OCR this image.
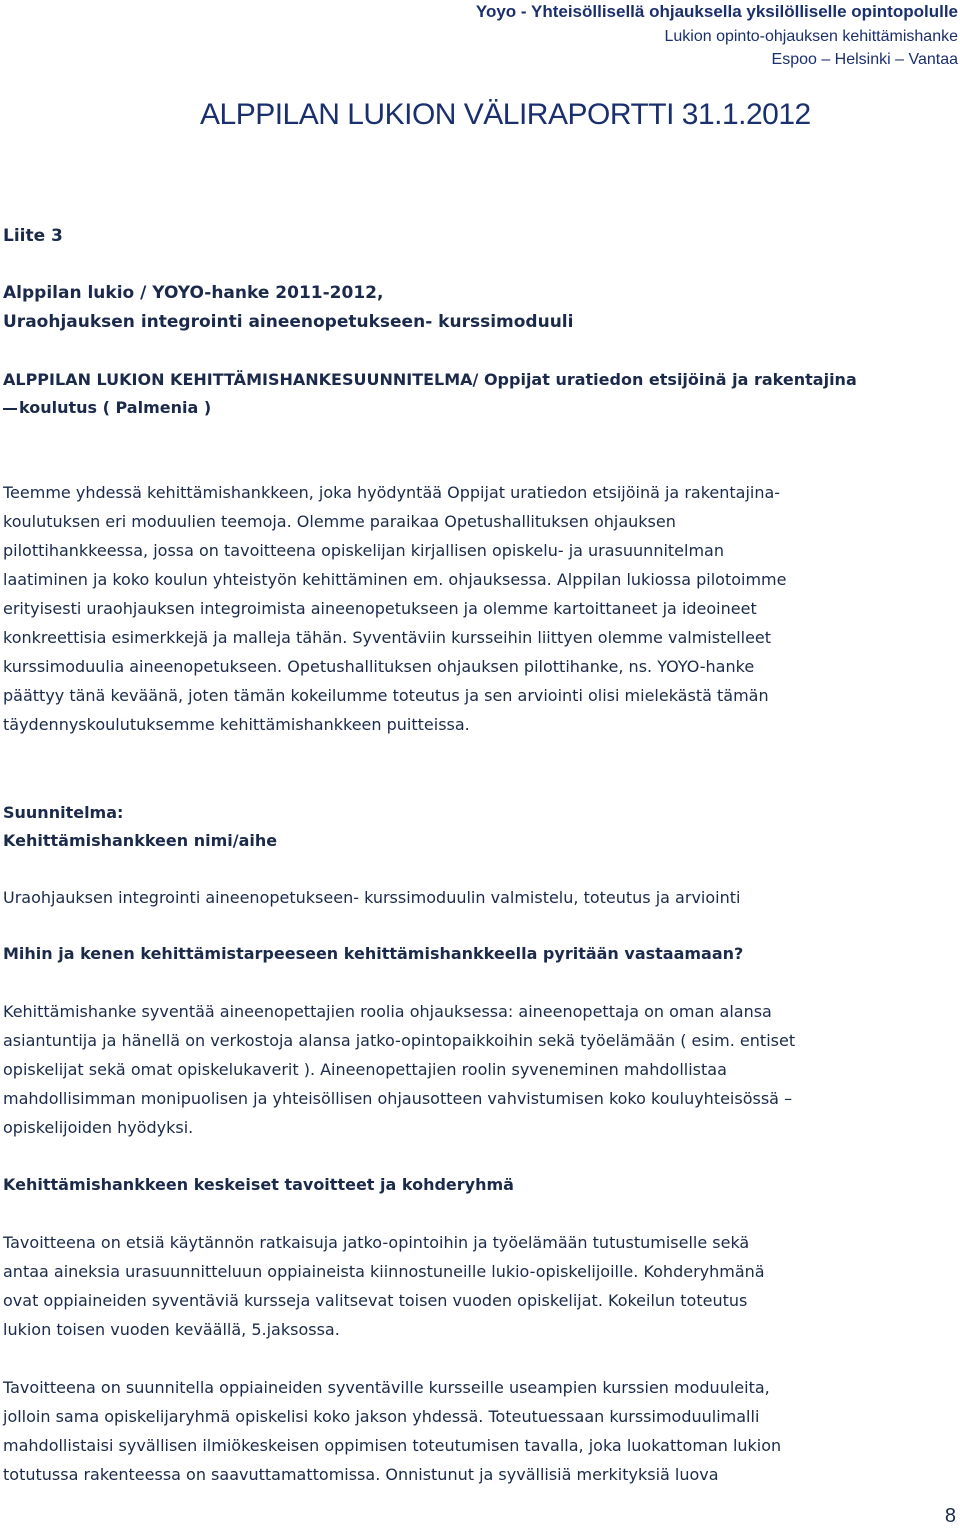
Yoyo - Yhteisöllisellä ohjauksella yksilölliselle opintopolulle
Lukion opinto-ohjauksen kehittämishanke
Espoo – Helsinki – Vantaa
ALPPILAN LUKION VÄLIRAPORTTI 31.1.2012
Liite 3
Alppilan lukio / YOYO-hanke 2011-2012,
Uraohjauksen integrointi aineenopetukseen- kurssimoduuli
ALPPILAN LUKION KEHITTÄMISHANKESUUNNITELMA/ Oppijat uratiedon etsijöinä ja rakentajina
koulutus ( Palmenia )
Teemme yhdessä kehittämishankkeen, joka hyödyntää Oppijat uratiedon etsijöinä ja rakentajina-
koulutuksen eri moduulien teemoja. Olemme paraikaa Opetushallituksen ohjauksen
pilottihankkeessa, jossa on tavoitteena opiskelijan kirjallisen opiskelu- ja urasuunnitelman
laatiminen ja koko koulun yhteistyön kehittäminen em. ohjauksessa. Alppilan lukiossa pilotoimme
erityisesti uraohjauksen integroimista aineenopetukseen ja olemme kartoittaneet ja ideoineet
konkreettisia esimerkkejä ja malleja tähän. Syventäviin kursseihin liittyen olemme valmistelleet
kurssimoduulia aineenopetukseen. Opetushallituksen ohjauksen pilottihanke, ns. YOYO-hanke
päättyy tänä keväänä, joten tämän kokeilumme toteutus ja sen arviointi olisi mielekästä tämän
täydennyskoulutuksemme kehittämishankkeen puitteissa.
Suunnitelma:
Kehittämishankkeen nimi/aihe
Uraohjauksen integrointi aineenopetukseen- kurssimoduulin valmistelu, toteutus ja arviointi
Mihin ja kenen kehittämistarpeeseen kehittämishankkeella pyritään vastaamaan?
Kehittämishanke syventää aineenopettajien roolia ohjauksessa: aineenopettaja on oman alansa
asiantuntija ja hänellä on verkostoja alansa jatko-opintopaikkoihin sekä työelämään ( esim. entiset
opiskelijat sekä omat opiskelukaverit ). Aineenopettajien roolin syveneminen mahdollistaa
mahdollisimman monipuolisen ja yhteisöllisen ohjausotteen vahvistumisen koko kouluyhteisössä –
opiskelijoiden hyödyksi.
Kehittämishankkeen keskeiset tavoitteet ja kohderyhmä
Tavoitteena on etsiä käytännön ratkaisuja jatko-opintoihin ja työelämään tutustumiselle sekä
antaa aineksia urasuunnitteluun oppiaineista kiinnostuneille lukio-opiskelijoille. Kohderyhmänä
ovat oppiaineiden syventäviä kursseja valitsevat toisen vuoden opiskelijat. Kokeilun toteutus
lukion toisen vuoden keväällä, 5.jaksossa.
Tavoitteena on suunnitella oppiaineiden syventäville kursseille useampien kurssien moduuleita,
jolloin sama opiskelijaryhmä opiskelisi koko jakson yhdessä. Toteutuessaan kurssimoduulimalli
mahdollistaisi syvällisen ilmiökeskeisen oppimisen toteutumisen tavalla, joka luokattoman lukion
totutussa rakenteessa on saavuttamattomissa. Onnistunut ja syvällisiä merkityksiä luova
8
